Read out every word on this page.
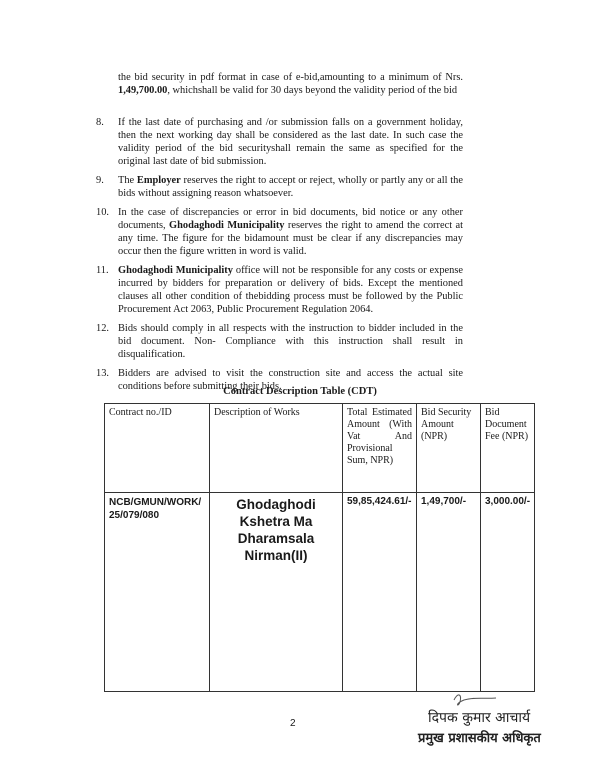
the bid security in pdf format in case of e-bid,amounting to a minimum of Nrs. 1,49,700.00, whichshall be valid for 30 days beyond the validity period of the bid

8.	If the last date of purchasing and /or submission falls on a government holiday, then the next working day shall be considered as the last date. In such case the validity period of the bid securityshall remain the same as specified for the original last date of bid submission.
9.	The Employer reserves the right to accept or reject, wholly or partly any or all the bids without assigning reason whatsoever.
10. In the case of discrepancies or error in bid documents, bid notice or any other documents, Ghodaghodi Municipality reserves the right to amend the correct at any time. The figure for the bidamount must be clear if any discrepancies may occur then the figure written in word is valid.
11. Ghodaghodi Municipality office will not be responsible for any costs or expense incurred by bidders for preparation or delivery of bids. Except the mentioned clauses all other condition of thebidding process must be followed by the Public Procurement Act 2063, Public Procurement Regulation 2064.
12. Bids should comply in all respects with the instruction to bidder included in the bid document. Non- Compliance with this instruction shall result in disqualification.
13. Bidders are advised to visit the construction site and access the actual site conditions before submitting their bids.
Contract Description Table (CDT)
Contract no./ID	Description of Works	Total Estimated Amount (With Vat And Provisional Sum, NPR)	Bid Security Amount (NPR)	Bid Document Fee (NPR)
NCB/GMUN/WORK/25/079/080	Ghodaghodi Kshetra Ma Dharamsala Nirman(II)	59,85,424.61/-	1,49,700/-	3,000.00/-
2	दिपक कुमार आचार्य
प्रमुख प्रशासकीय अधिकृत
